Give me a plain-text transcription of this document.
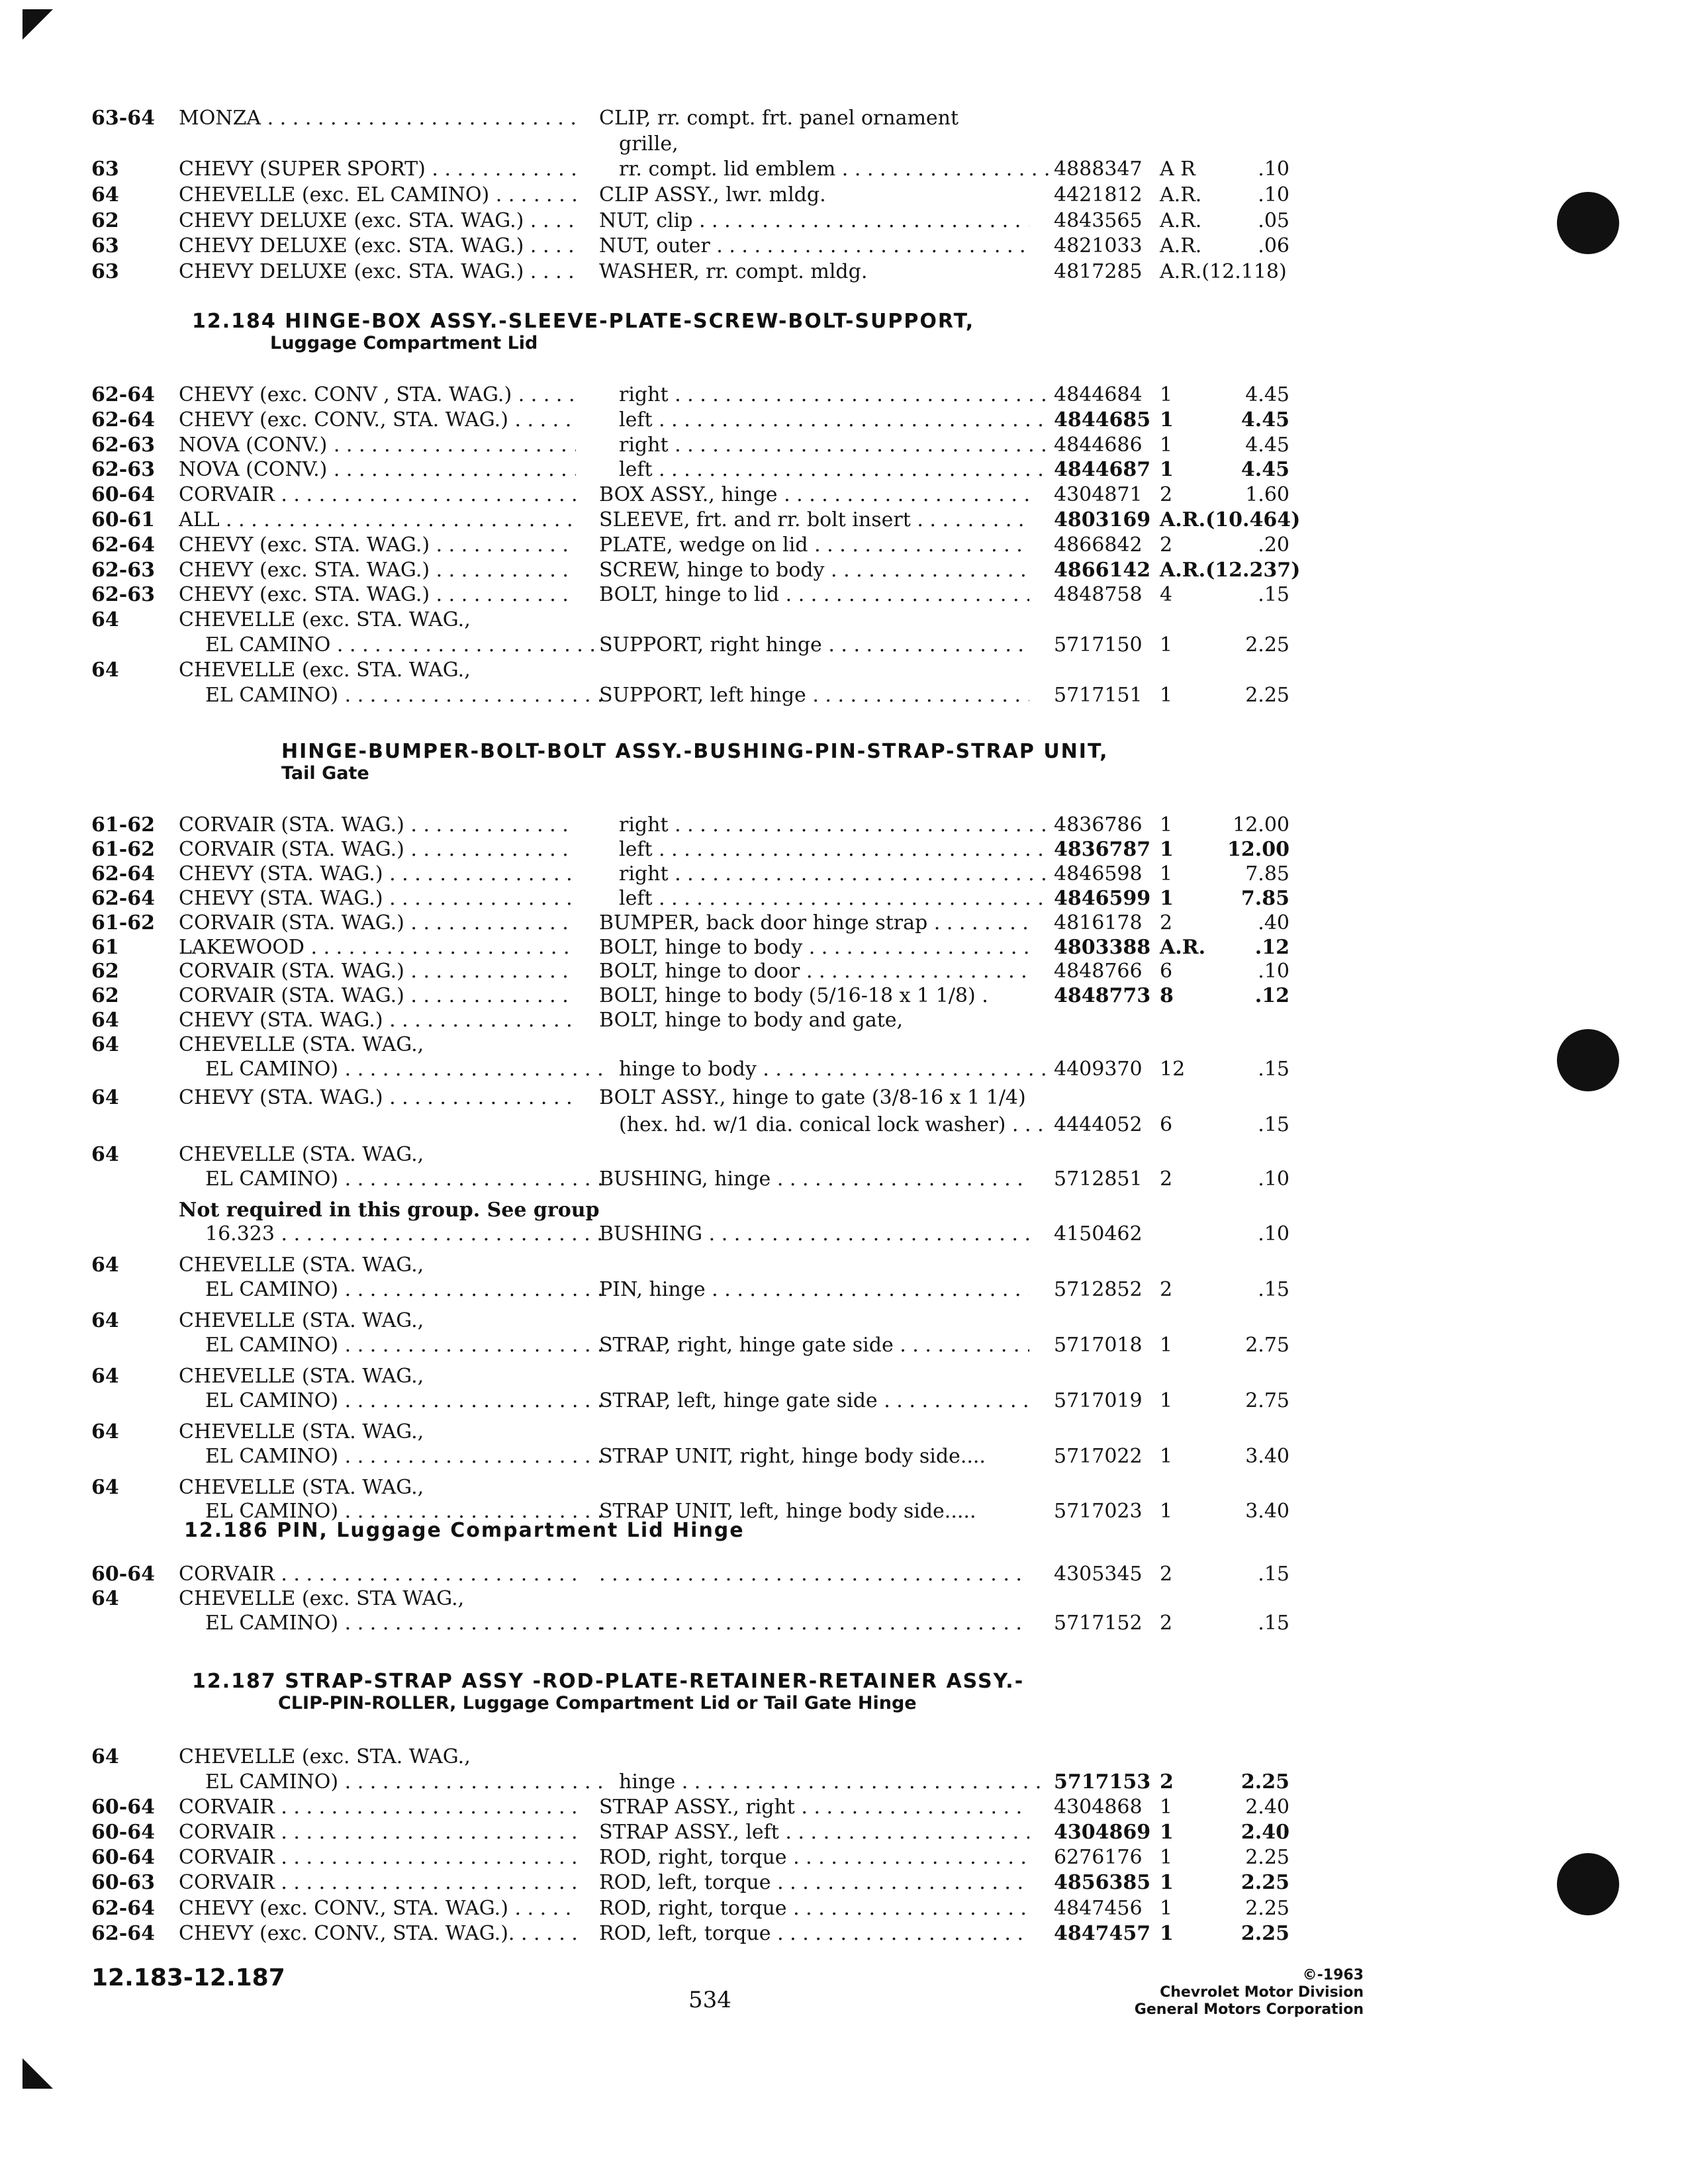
63-64 MONZA . . .	CLIP, rr. compt. frt. panel ornament
grille,
63	CHEVY (SUPER SPORT) . . .	rr. compt. lid emblem . . .	4888347 A R	.10
64	CHEVELLE (exc. EL CAMINO) . . .	CLIP ASSY., lwr. mldg.	4421812 A.R.	.10
62	CHEVY DELUXE (exc. STA. WAG.) . . .	NUT, clip . . .	4843565 A.R.	.05
63	CHEVY DELUXE (exc. STA. WAG.) . . .	NUT, outer . . .	4821033 A.R.	.06
63	CHEVY DELUXE (exc. STA. WAG.) . . .	WASHER, rr. compt. mldg.	4817285 A.R.(12.118)
12.184 HINGE-BOX ASSY.-SLEEVE-PLATE-SCREW-BOLT-SUPPORT,
Luggage Compartment Lid
62-64 CHEVY (exc. CONV , STA. WAG.) . . .	right . . .	4844684 1	4.45
62-64 CHEVY (exc. CONV., STA. WAG.) . . .	left . . .	4844685 1	4.45
62-63 NOVA (CONV.) . . .	right . . .	4844686 1	4.45
62-63 NOVA (CONV.) . . .	left . . .	4844687 1	4.45
60-64 CORVAIR . . .	BOX ASSY., hinge . . .	4304871 2	1.60
60-61 ALL . . .	SLEEVE, frt. and rr. bolt insert . . .	4803169 A.R.(10.464)
62-64 CHEVY (exc. STA. WAG.) . . .	PLATE, wedge on lid . . .	4866842 2	.20
62-63 CHEVY (exc. STA. WAG.) . . .	SCREW, hinge to body . . .	4866142 A.R.(12.237)
62-63 CHEVY (exc. STA. WAG.) . . .	BOLT, hinge to lid . . .	4848758 4	.15
64	CHEVELLE (exc. STA. WAG.,
EL CAMINO . . .	SUPPORT, right hinge . . .	5717150 1	2.25
64	CHEVELLE (exc. STA. WAG.,
EL CAMINO) . . .	SUPPORT, left hinge . . .	5717151 1	2.25
HINGE-BUMPER-BOLT-BOLT ASSY.-BUSHING-PIN-STRAP-STRAP UNIT,
Tail Gate
61-62 CORVAIR (STA. WAG.) . . .	right . . .	4836786 1	12.00
61-62 CORVAIR (STA. WAG.) . . .	left . . .	4836787 1	12.00
62-64 CHEVY (STA. WAG.) . . .	right . . .	4846598 1	7.85
62-64 CHEVY (STA. WAG.) . . .	left . . .	4846599 1	7.85
61-62 CORVAIR (STA. WAG.) . . .	BUMPER, back door hinge strap . . .	4816178 2	.40
61	LAKEWOOD . . .	BOLT, hinge to body . . .	4803388 A.R.	.12
62	CORVAIR (STA. WAG.) . . .	BOLT, hinge to door . . .	4848766 6	.10
62	CORVAIR (STA. WAG.) . . .	BOLT, hinge to body (5/16-18 x 1 1/8) .	4848773 8	.12
64	CHEVY (STA. WAG.) . . .	BOLT, hinge to body and gate,
64	CHEVELLE (STA. WAG.,
EL CAMINO) . . .	hinge to body . . .	4409370 12	.15
64	CHEVY (STA. WAG.) . . .	BOLT ASSY., hinge to gate (3/8-16 x 1 1/4)
(hex. hd. w/1 dia. conical lock washer) . . .	4444052 6	.15
64	CHEVELLE (STA. WAG.,
EL CAMINO) . . .	BUSHING, hinge . . .	5712851 2	.10
Not required in this group. See group
16.323 . . .	BUSHING . . .	4150462	.10
64	CHEVELLE (STA. WAG.,
EL CAMINO) . . .	PIN, hinge . . .	5712852 2	.15
64	CHEVELLE (STA. WAG.,
EL CAMINO) . . .	STRAP, right, hinge gate side . . .	5717018 1	2.75
64	CHEVELLE (STA. WAG.,
EL CAMINO) . . .	STRAP, left, hinge gate side . . .	5717019 1	2.75
64	CHEVELLE (STA. WAG.,
EL CAMINO) . . .	STRAP UNIT, right, hinge body side....	5717022 1	3.40
64	CHEVELLE (STA. WAG.,
EL CAMINO) . . .	STRAP UNIT, left, hinge body side.....	5717023 1	3.40
12.186 PIN, Luggage Compartment Lid Hinge
60-64 CORVAIR . . . . . .	4305345 2	.15
64	CHEVELLE (exc. STA WAG.,
EL CAMINO) . . . . . .	5717152 2	.15
12.187 STRAP-STRAP ASSY -ROD-PLATE-RETAINER-RETAINER ASSY.-
CLIP-PIN-ROLLER, Luggage Compartment Lid or Tail Gate Hinge
64	CHEVELLE (exc. STA. WAG.,
EL CAMINO) . . .	hinge . . .	5717153 2	2.25
60-64 CORVAIR . . .	STRAP ASSY., right . . .	4304868 1	2.40
60-64 CORVAIR . . .	STRAP ASSY., left . . .	4304869 1	2.40
60-64 CORVAIR . . .	ROD, right, torque . . .	6276176 1	2.25
60-63 CORVAIR . . .	ROD, left, torque . . .	4856385 1	2.25
62-64 CHEVY (exc. CONV., STA. WAG.) . . .	ROD, right, torque . . .	4847456 1	2.25
62-64 CHEVY (exc. CONV., STA. WAG.). . . .	ROD, left, torque . . .	4847457 1	2.25
12.183-12.187
534
©-1963
Chevrolet Motor Division
General Motors Corporation
